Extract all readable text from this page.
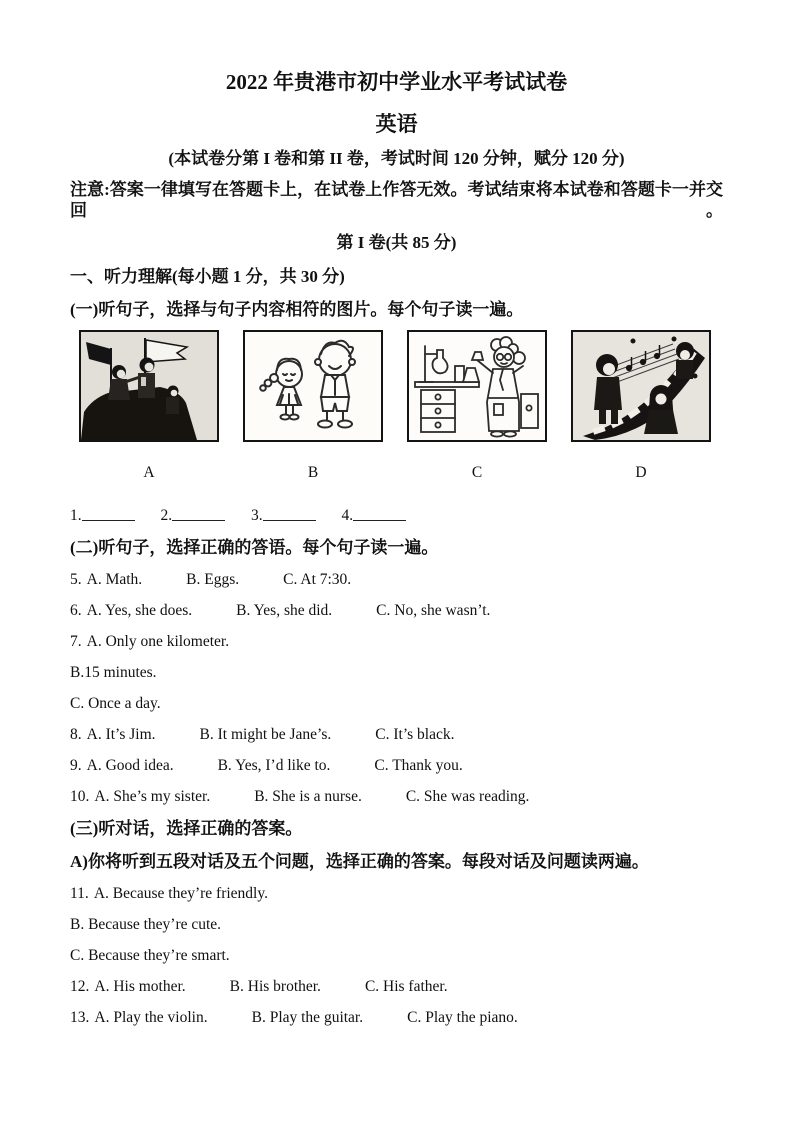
2022 年贵港市初中学业水平考试试卷
英语

(本试卷分第 I 卷和第 II 卷，考试时间 120 分钟，赋分 120 分)

注意:答案一律填写在答题卡上，在试卷上作答无效。考试结束将本试卷和答题卡一并交回。

第 I 卷(共 85 分)

一、听力理解(每小题 1 分，共 30 分)

(一)听句子，选择与句子内容相符的图片。每个句子读一遍。

A	B	C	D
1.	2.	3.	4.

(二)听句子，选择正确的答语。每个句子读一遍。

5. A. Math.	B. Eggs.	C. At 7:30.

6. A. Yes, she does.	B. Yes, she did.	C. No, she wasn’t.

7. A. Only one kilometer.

B.15 minutes.

C. Once a day.

8. A. It’s Jim.	B. It might be Jane’s.	C. It’s black.

9. A. Good idea.	B. Yes, I’d like to.	C. Thank you.

10. A. She’s my sister.	B. She is a nurse.	C. She was reading.

(三)听对话，选择正确的答案。

A)你将听到五段对话及五个问题，选择正确的答案。每段对话及问题读两遍。

11. A. Because they’re friendly.

B. Because they’re cute.

C. Because they’re smart.

12. A. His mother.	B. His brother.	C. His father.

13. A. Play the violin.	B. Play the guitar.	C. Play the piano.
